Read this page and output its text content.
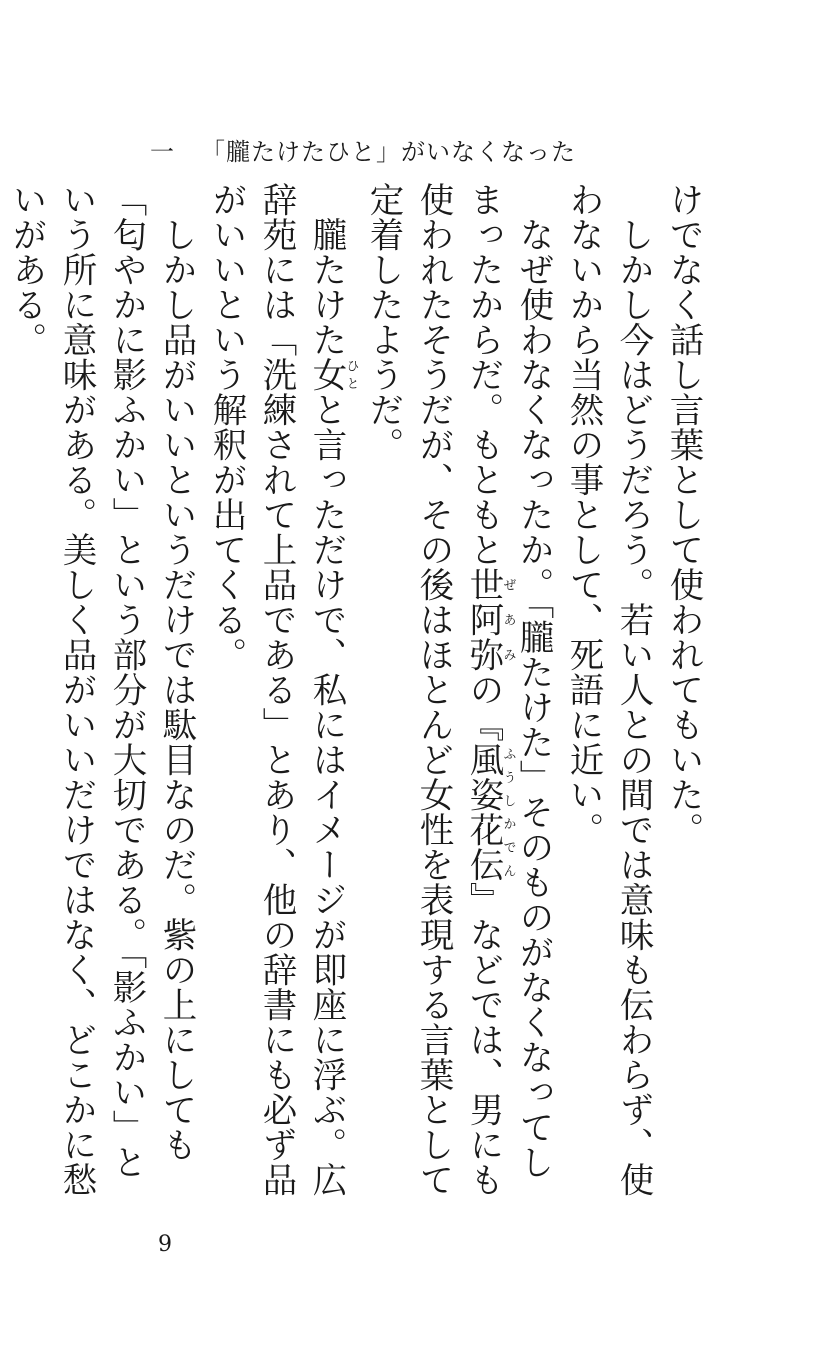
一 「朧たけたひと」がいなくなった

けでなく話し言葉として使われてもいた。

しかし今はどうだろう。若い人との間では意味も伝わらず、使わないから当然の事として、死語に近い。

なぜ使わなくなったか。「朧たけた」そのものがなくなってしまったからだ。もともと世阿弥ぜあみの『風姿花伝ふうしかでん』などでは、男にも使われたそうだが、その後はほとんど女性を表現する言葉として定着したようだ。

朧たけた女ひとと言っただけで、私にはイメージが即座に浮ぶ。広辞苑には「洗練されて上品である」とあり、他の辞書にも必ず品がいいという解釈が出てくる。

しかし品がいいというだけでは駄目なのだ。紫の上にしても「匂やかに影ふかい」という部分が大切である。「影ふかい」という所に意味がある。美しく品がいいだけではなく、どこかに愁いがある。

9
